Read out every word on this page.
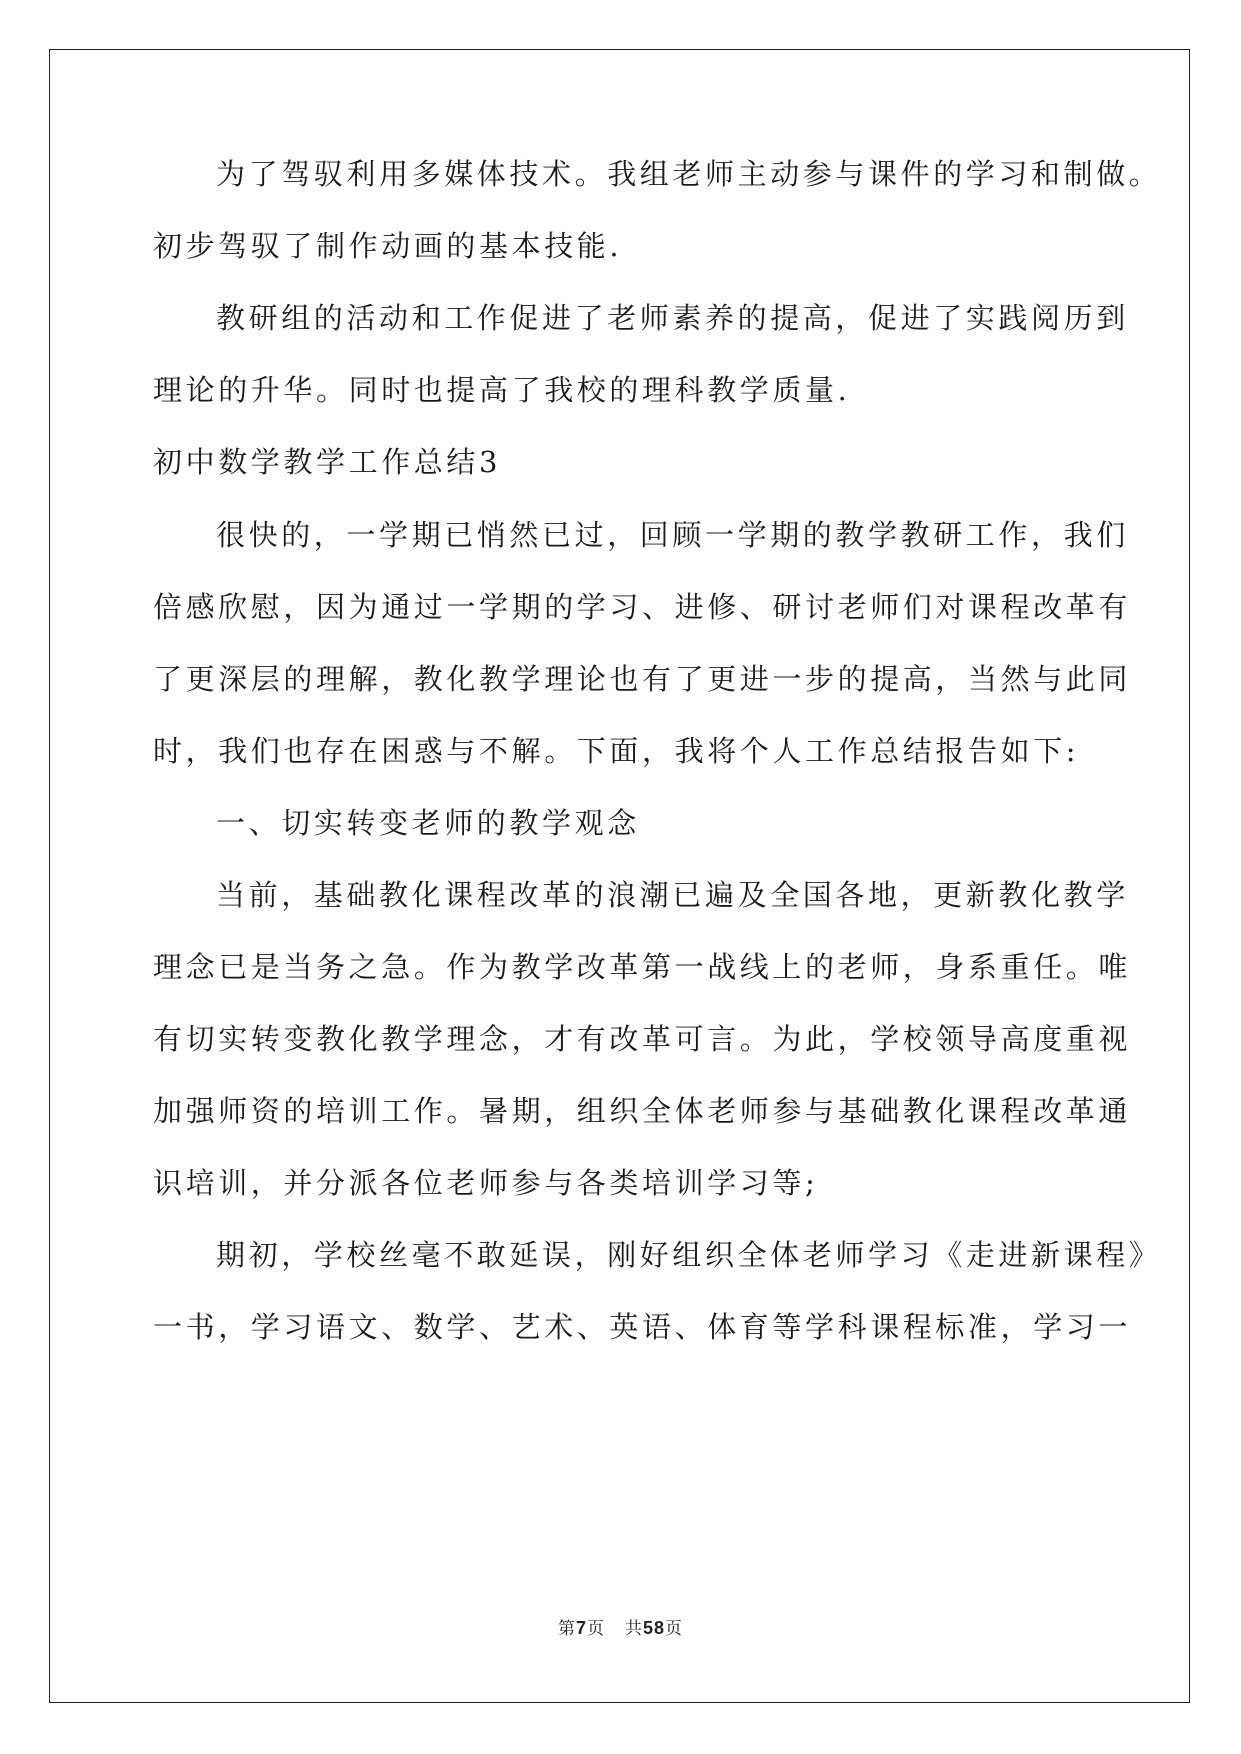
为了驾驭利用多媒体技术。我组老师主动参与课件的学习和制做。
初步驾驭了制作动画的基本技能.
教研组的活动和工作促进了老师素养的提高，促进了实践阅历到
理论的升华。同时也提高了我校的理科教学质量.
初中数学教学工作总结3
很快的，一学期已悄然已过，回顾一学期的教学教研工作，我们
倍感欣慰，因为通过一学期的学习、进修、研讨老师们对课程改革有
了更深层的理解，教化教学理论也有了更进一步的提高，当然与此同
时，我们也存在困惑与不解。下面，我将个人工作总结报告如下:
一、切实转变老师的教学观念
当前，基础教化课程改革的浪潮已遍及全国各地，更新教化教学
理念已是当务之急。作为教学改革第一战线上的老师，身系重任。唯
有切实转变教化教学理念，才有改革可言。为此，学校领导高度重视
加强师资的培训工作。暑期，组织全体老师参与基础教化课程改革通
识培训，并分派各位老师参与各类培训学习等;
期初，学校丝毫不敢延误，刚好组织全体老师学习《走进新课程》
一书，学习语文、数学、艺术、英语、体育等学科课程标准，学习一
第7页 共58页
